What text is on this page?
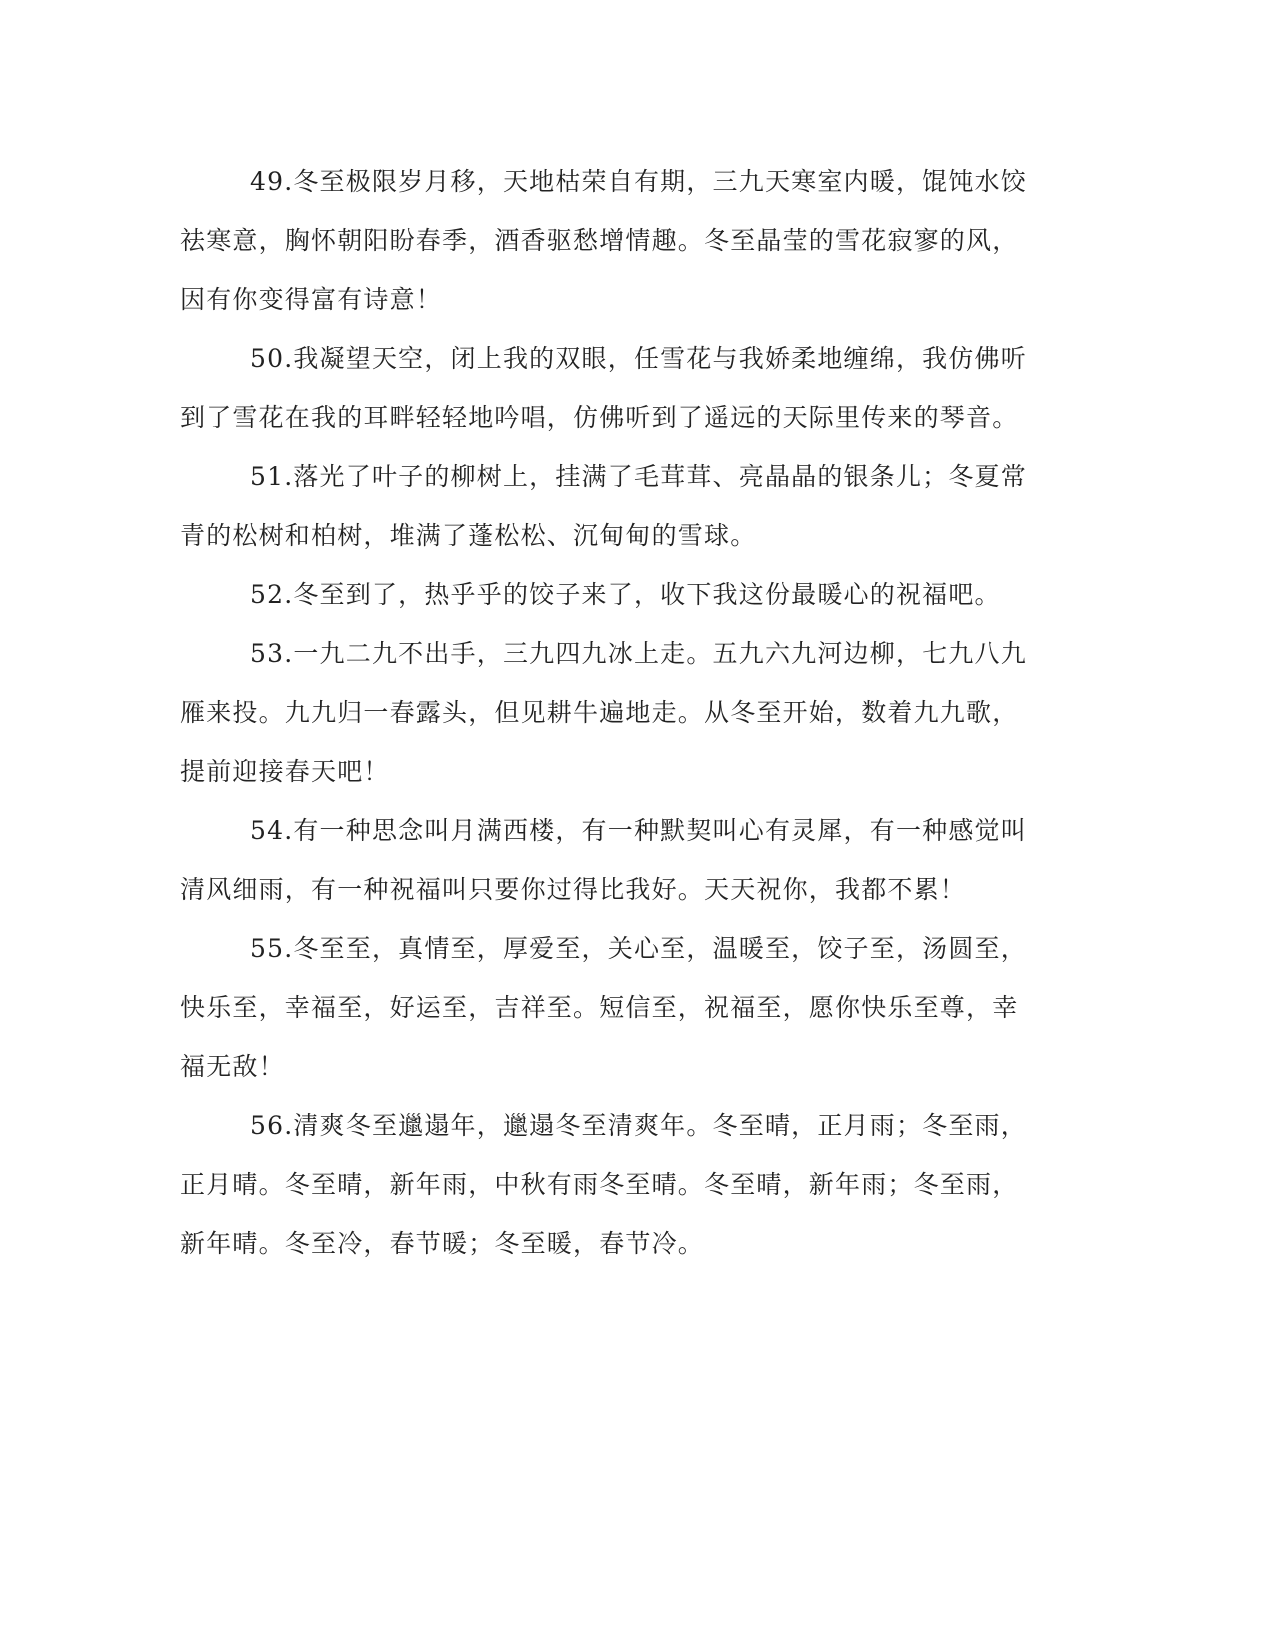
49.冬至极限岁月移，天地枯荣自有期，三九天寒室内暖，馄饨水饺祛寒意，胸怀朝阳盼春季，酒香驱愁增情趣。冬至晶莹的雪花寂寥的风，因有你变得富有诗意！

50.我凝望天空，闭上我的双眼，任雪花与我娇柔地缠绵，我仿佛听到了雪花在我的耳畔轻轻地吟唱，仿佛听到了遥远的天际里传来的琴音。

51.落光了叶子的柳树上，挂满了毛茸茸、亮晶晶的银条儿；冬夏常青的松树和柏树，堆满了蓬松松、沉甸甸的雪球。

52.冬至到了，热乎乎的饺子来了，收下我这份最暖心的祝福吧。

53.一九二九不出手，三九四九冰上走。五九六九河边柳，七九八九雁来投。九九归一春露头，但见耕牛遍地走。从冬至开始，数着九九歌，提前迎接春天吧！

54.有一种思念叫月满西楼，有一种默契叫心有灵犀，有一种感觉叫清风细雨，有一种祝福叫只要你过得比我好。天天祝你，我都不累！

55.冬至至，真情至，厚爱至，关心至，温暖至，饺子至，汤圆至，快乐至，幸福至，好运至，吉祥至。短信至，祝福至，愿你快乐至尊，幸福无敌！

56.清爽冬至邋遢年，邋遢冬至清爽年。冬至晴，正月雨；冬至雨，正月晴。冬至晴，新年雨，中秋有雨冬至晴。冬至晴，新年雨；冬至雨，新年晴。冬至冷，春节暖；冬至暖，春节冷。
